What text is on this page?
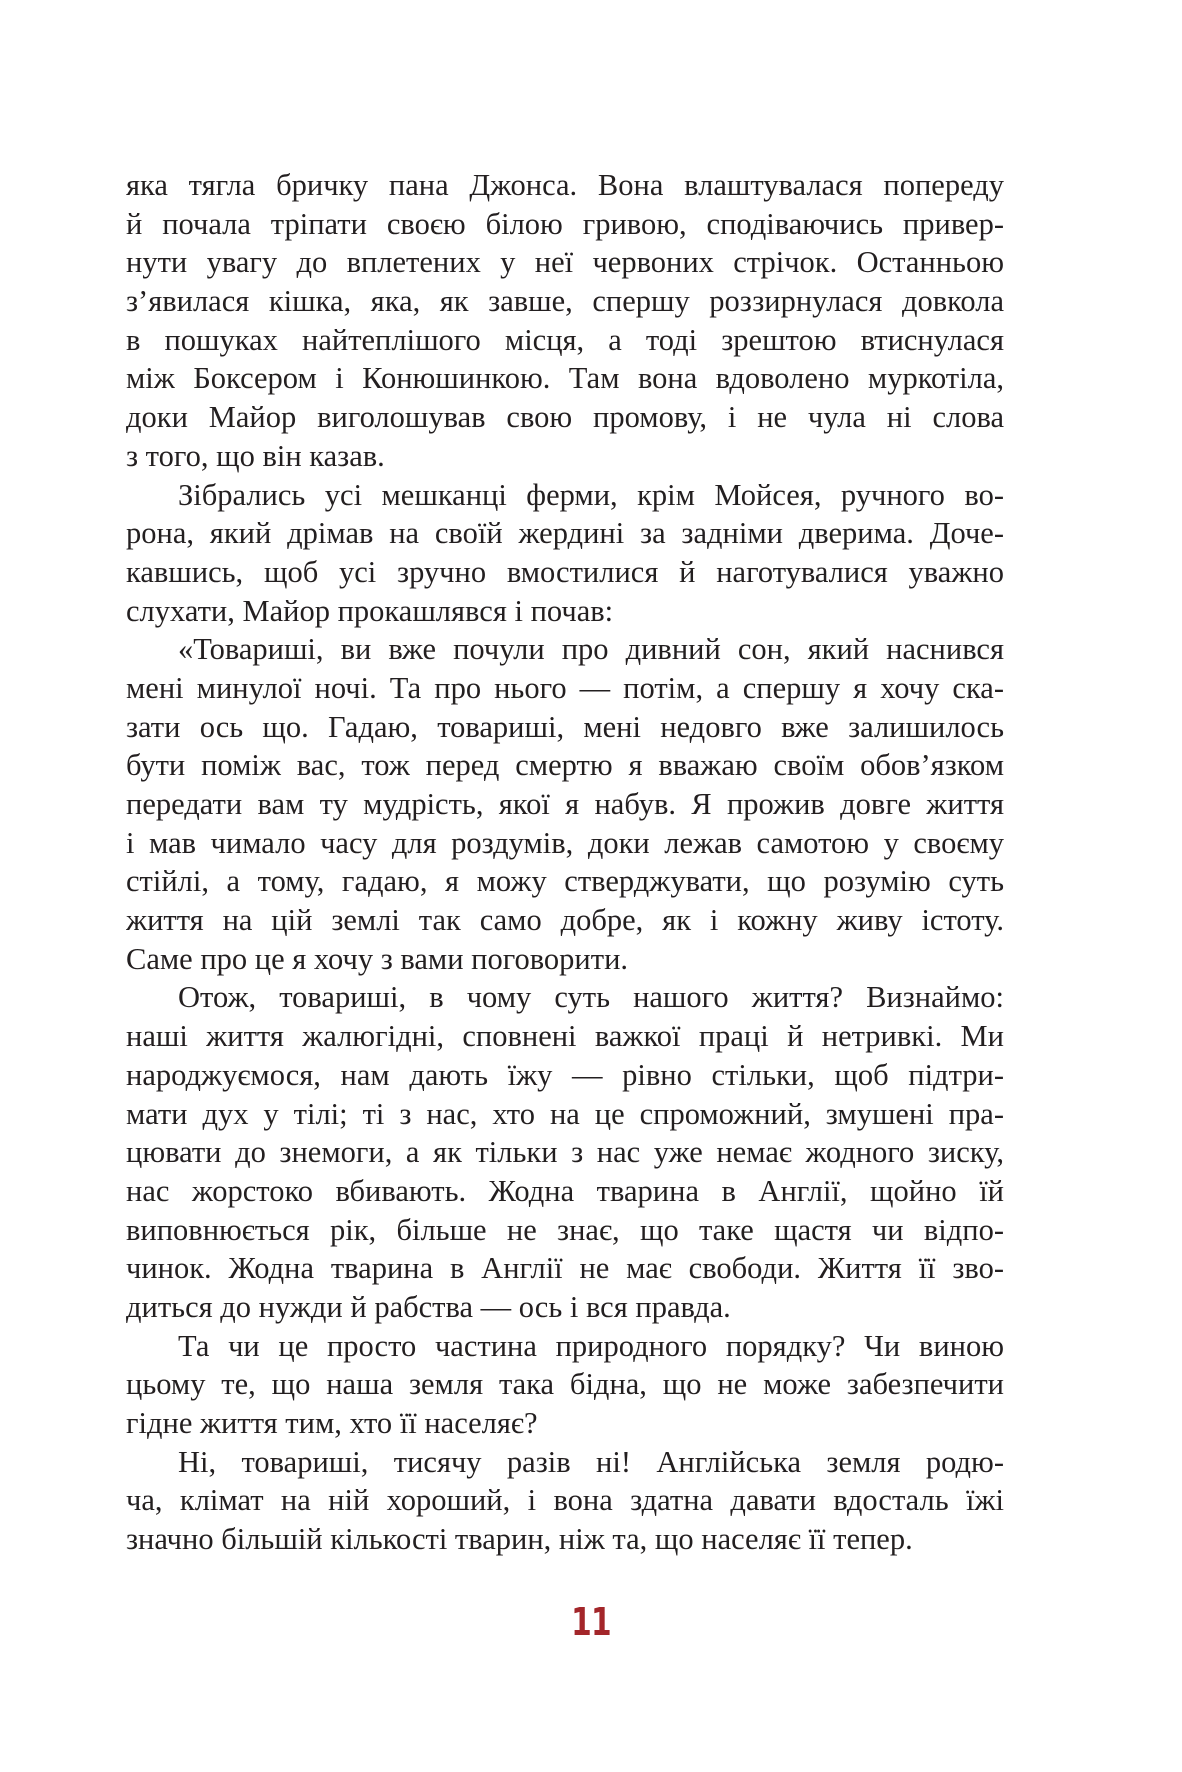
яка тягла бричку пана Джонса. Вона влаштувалася попереду
й почала тріпати своєю білою гривою, сподіваючись привер-
нути увагу до вплетених у неї червоних стрічок. Останньою
з’явилася кішка, яка, як завше, спершу роззирнулася довкола
в пошуках найтеплішого місця, а тоді зрештою втиснулася
між Боксером і Конюшинкою. Там вона вдоволено муркотіла,
доки Майор виголошував свою промову, і не чула ні слова
з того, що він казав.
Зібрались усі мешканці ферми, крім Мойсея, ручного во-
рона, який дрімав на своїй жердині за задніми дверима. Доче-
кавшись, щоб усі зручно вмостилися й наготувалися уважно
слухати, Майор прокашлявся і почав:
«Товариші, ви вже почули про дивний сон, який наснився
мені минулої ночі. Та про нього — потім, а спершу я хочу ска-
зати ось що. Гадаю, товариші, мені недовго вже залишилось
бути поміж вас, тож перед смертю я вважаю своїм обов’язком
передати вам ту мудрість, якої я набув. Я прожив довге життя
і мав чимало часу для роздумів, доки лежав самотою у своєму
стійлі, а тому, гадаю, я можу стверджувати, що розумію суть
життя на цій землі так само добре, як і кожну живу істоту.
Саме про це я хочу з вами поговорити.
Отож, товариші, в чому суть нашого життя? Визнаймо:
наші життя жалюгідні, сповнені важкої праці й нетривкі. Ми
народжуємося, нам дають їжу — рівно стільки, щоб підтри-
мати дух у тілі; ті з нас, хто на це спроможний, змушені пра-
цювати до знемоги, а як тільки з нас уже немає жодного зиску,
нас жорстоко вбивають. Жодна тварина в Англії, щойно їй
виповнюється рік, більше не знає, що таке щастя чи відпо-
чинок. Жодна тварина в Англії не має свободи. Життя її зво-
диться до нужди й рабства — ось і вся правда.
Та чи це просто частина природного порядку? Чи виною
цьому те, що наша земля така бідна, що не може забезпечити
гідне життя тим, хто її населяє?
Ні, товариші, тисячу разів ні! Англійська земля родю-
ча, клімат на ній хороший, і вона здатна давати вдосталь їжі
значно більшій кількості тварин, ніж та, що населяє її тепер.
11
